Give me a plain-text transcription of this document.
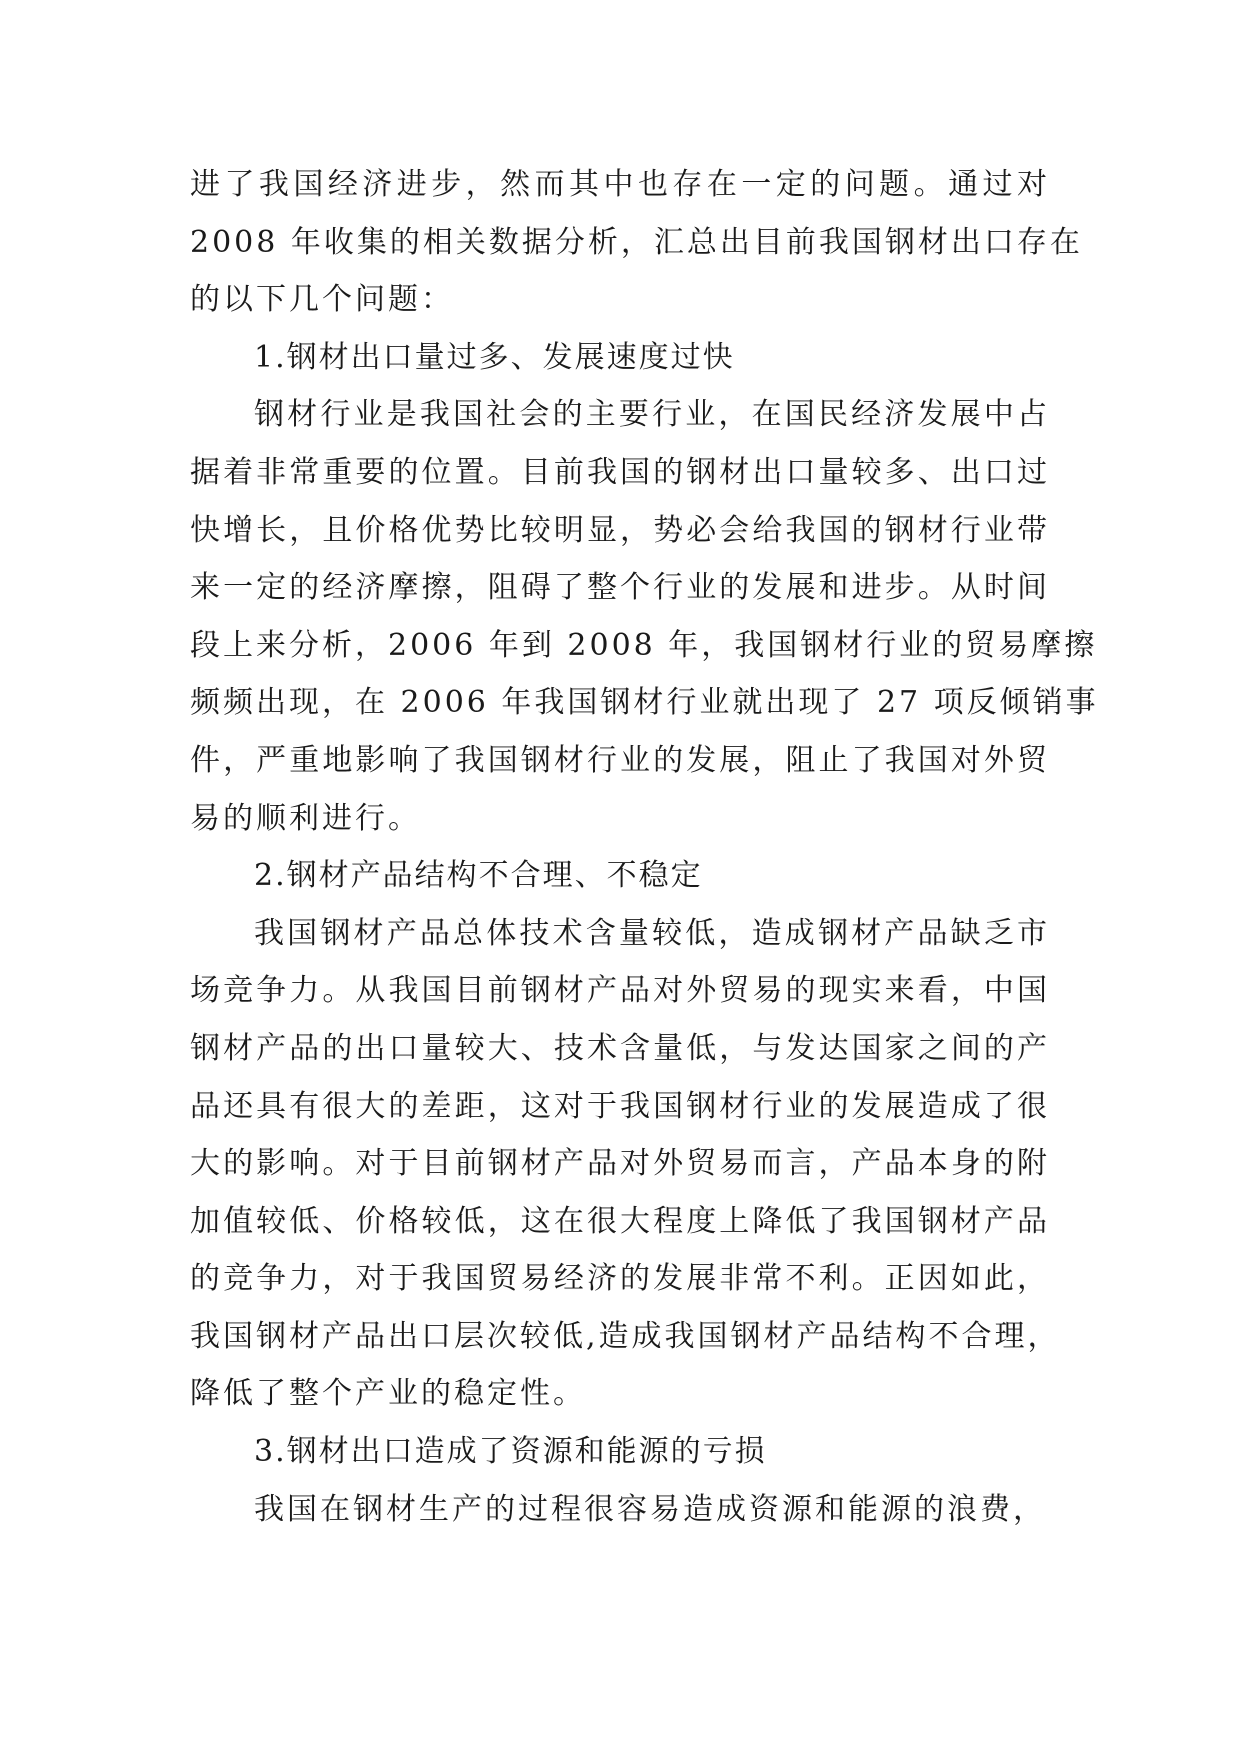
进了我国经济进步，然而其中也存在一定的问题。通过对
2008 年收集的相关数据分析，汇总出目前我国钢材出口存在
的以下几个问题：
1.钢材出口量过多、发展速度过快
钢材行业是我国社会的主要行业，在国民经济发展中占
据着非常重要的位置。目前我国的钢材出口量较多、出口过
快增长，且价格优势比较明显，势必会给我国的钢材行业带
来一定的经济摩擦，阻碍了整个行业的发展和进步。从时间
段上来分析，2006 年到 2008 年，我国钢材行业的贸易摩擦
频频出现，在 2006 年我国钢材行业就出现了 27 项反倾销事
件，严重地影响了我国钢材行业的发展，阻止了我国对外贸
易的顺利进行。
2.钢材产品结构不合理、不稳定
我国钢材产品总体技术含量较低，造成钢材产品缺乏市
场竞争力。从我国目前钢材产品对外贸易的现实来看，中国
钢材产品的出口量较大、技术含量低，与发达国家之间的产
品还具有很大的差距，这对于我国钢材行业的发展造成了很
大的影响。对于目前钢材产品对外贸易而言，产品本身的附
加值较低、价格较低，这在很大程度上降低了我国钢材产品
的竞争力，对于我国贸易经济的发展非常不利。正因如此，
我国钢材产品出口层次较低,造成我国钢材产品结构不合理，
降低了整个产业的稳定性。
3.钢材出口造成了资源和能源的亏损
我国在钢材生产的过程很容易造成资源和能源的浪费，
